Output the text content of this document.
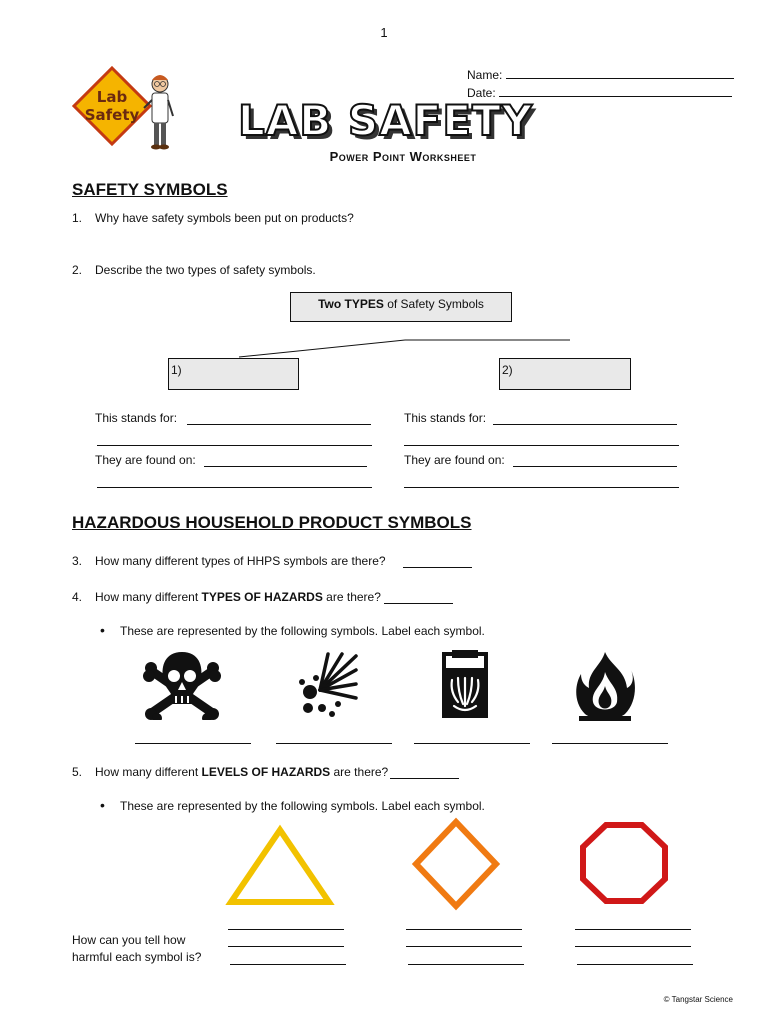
1
Name:
Date:
Lab
Safety LAB SAFETY
Power Point Worksheet
SAFETY SYMBOLS
1. Why have safety symbols been put on products?
2. Describe the two types of safety symbols.
Two TYPES of Safety Symbols
1)	2)
This stands for:
They are found on:
This stands for:
They are found on:
HAZARDOUS HOUSEHOLD PRODUCT SYMBOLS
3. How many different types of HHPS symbols are there?
4. How many different TYPES OF HAZARDS are there?
• These are represented by the following symbols. Label each symbol.
5. How many different LEVELS OF HAZARDS are there?
• These are represented by the following symbols. Label each symbol.
How can you tell how
harmful each symbol is?
© Tangstar Science
